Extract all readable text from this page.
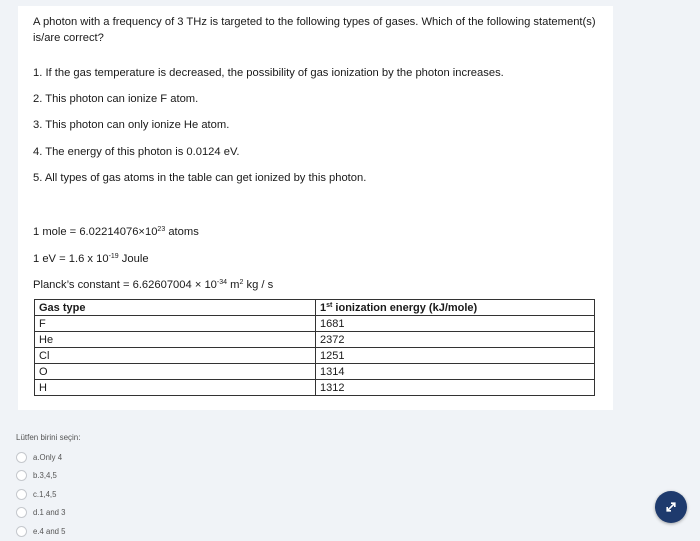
A photon with a frequency of 3 THz is targeted to the following types of gases. Which of the following statement(s) is/are correct?
1. If the gas temperature is decreased, the possibility of gas ionization by the photon increases.
2. This photon can ionize F atom.
3. This photon can only ionize He atom.
4. The energy of this photon is 0.0124 eV.
5. All types of gas atoms in the table can get ionized by this photon.
1 mole = $6.02214076\times 10^{23}$ atoms
1 eV = 1.6 x $10^{-19}$ Joule
Planck’s constant = $6.62607004 \times 10^{-34}$ $m^2$ kg / s
Gas type	1st ionization energy (kJ/mole)
F	1681
He	2372
Cl	1251
O	1314
H	1312
Lütfen birini seçin:
a.Only 4
b.3,4,5
c.1,4,5
d.1 and 3
e.4 and 5
